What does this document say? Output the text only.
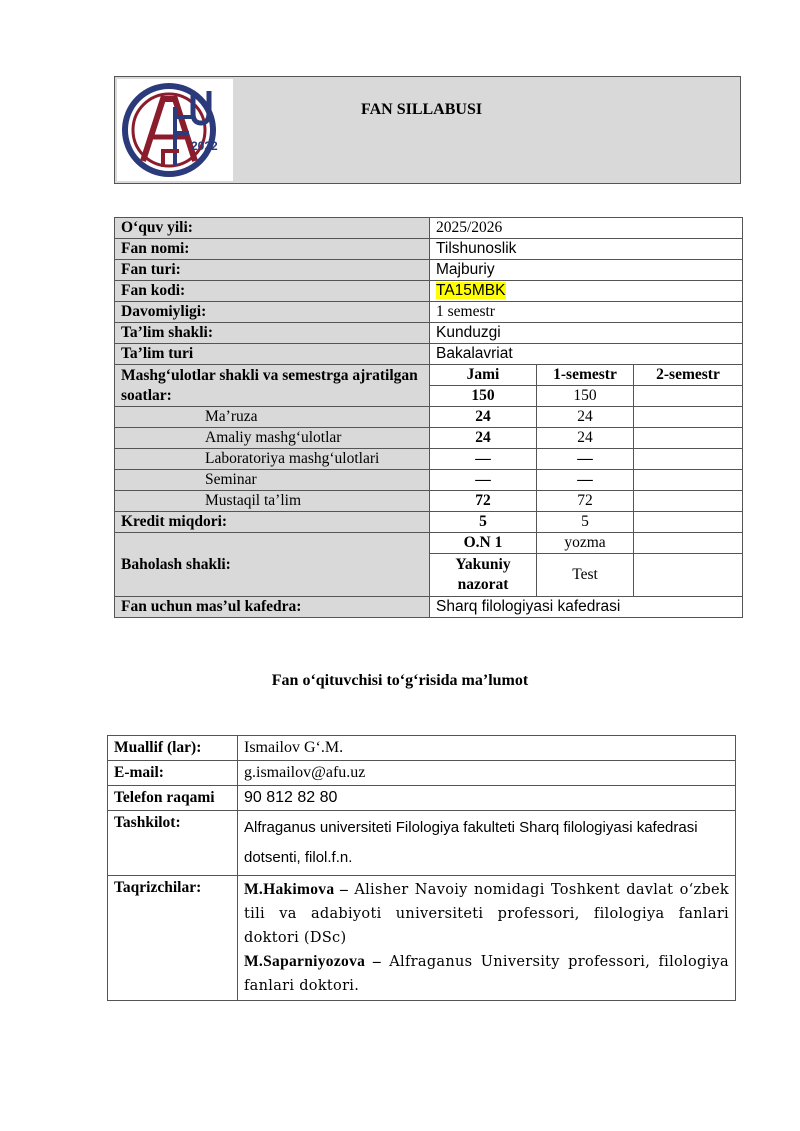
2022
FAN SILLABUSI
O‘quv yili:	2025/2026		
Fan nomi:	Tilshunoslik		
Fan turi:	Majburiy		
Fan kodi:	TA15MBK		
Davomiyligi:	1 semestr		
Ta’lim shakli:	Kunduzgi		
Ta’lim turi	Bakalavriat		
Mashg‘ulotlar shakli va semestrga ajratilgan soatlar:	Jami	1-semestr	2-semestr
	150	150	
Ma’ruza	24	24	
Amaliy mashg‘ulotlar	24	24	
Laboratoriya mashg‘ulotlari	—	—	
Seminar	—	—	
Mustaqil ta’lim	72	72	
Kredit miqdori:	5	5	
Baholash shakli:	O.N 1	yozma	
	Yakuniy nazorat	Test	
Fan uchun mas’ul kafedra:	Sharq filologiyasi kafedrasi		
Fan o‘qituvchisi to‘g‘risida ma’lumot
Muallif (lar):	Ismailov G‘.M.
E-mail:	g.ismailov@afu.uz
Telefon raqami	90 812 82 80
Tashkilot:	Alfraganus universiteti Filologiya fakulteti Sharq filologiyasi kafedrasi dotsenti, filol.f.n.
Taqrizchilar:	M.Hakimova – Alisher Navoiy nomidagi Toshkent davlat o‘zbek tili va adabiyoti universiteti professori, filologiya fanlari doktori (DSc)
M.Saparniyozova – Alfraganus University professori, filologiya fanlari doktori.
